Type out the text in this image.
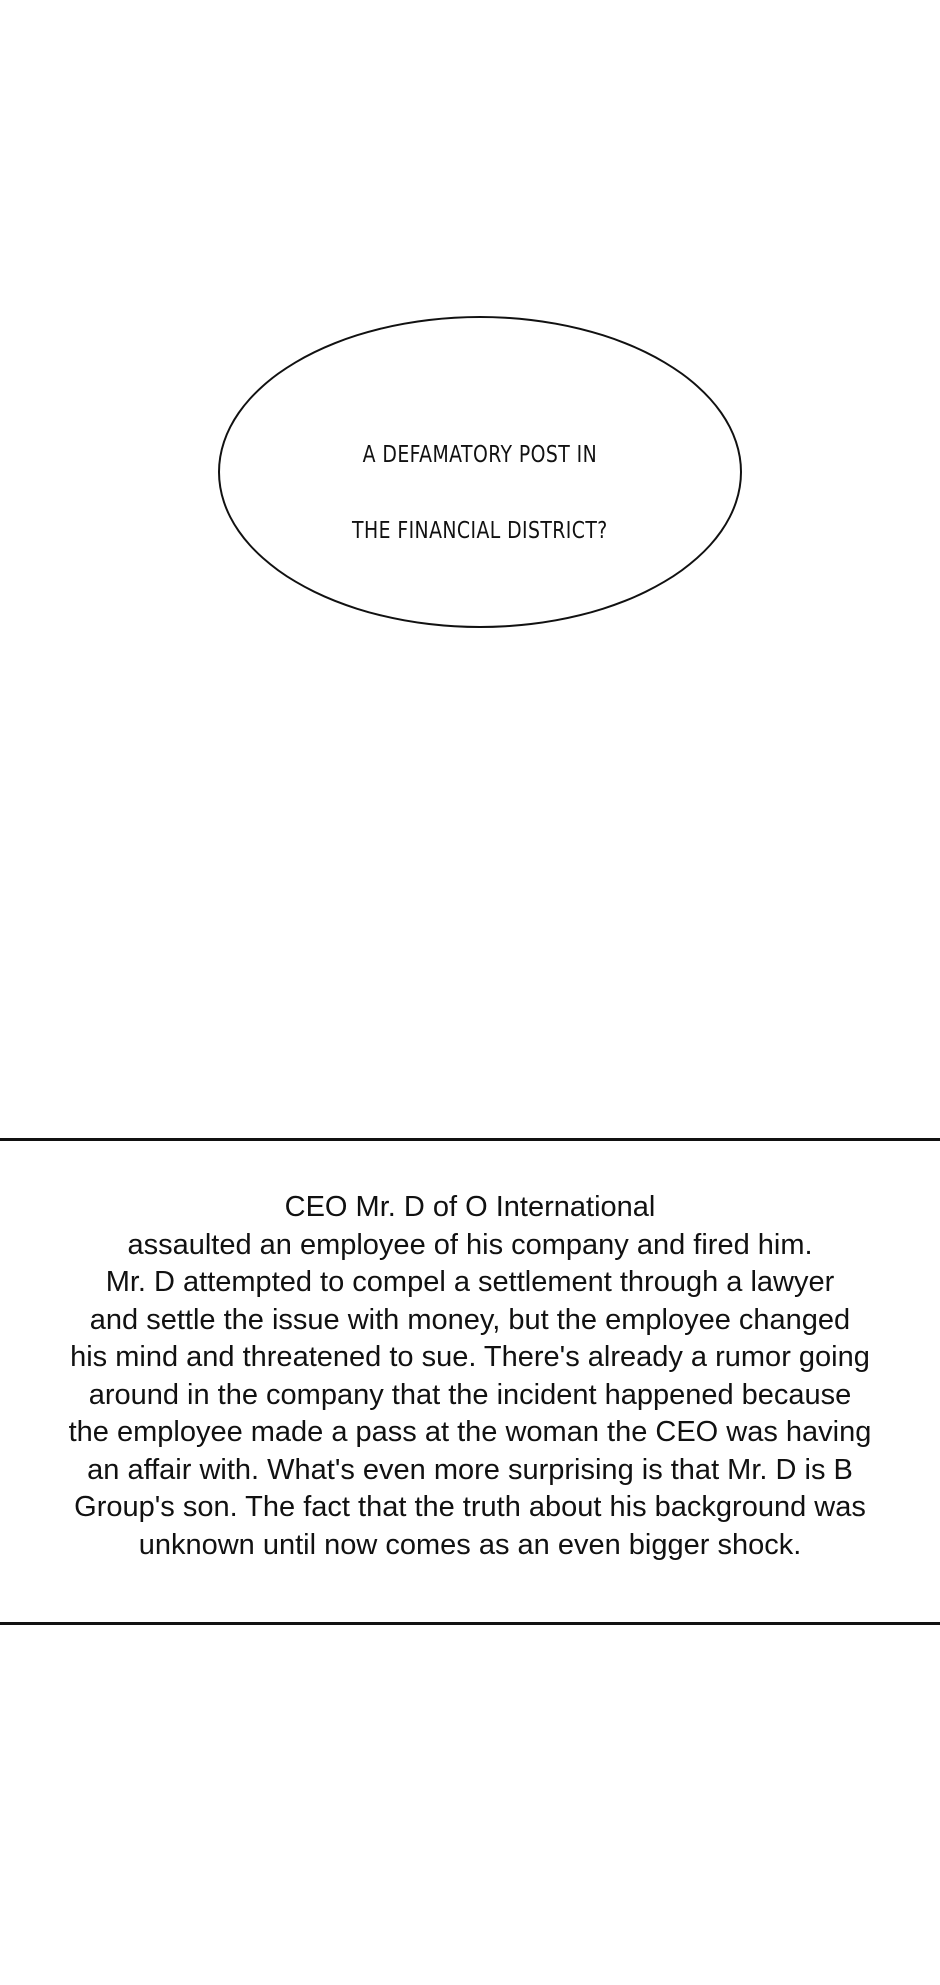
A DEFAMATORY POST IN

THE FINANCIAL DISTRICT?

CEO Mr. D of O International
assaulted an employee of his company and fired him.
Mr. D attempted to compel a settlement through a lawyer
and settle the issue with money, but the employee changed
his mind and threatened to sue. There's already a rumor going
around in the company that the incident happened because
the employee made a pass at the woman the CEO was having
an affair with. What's even more surprising is that Mr. D is B
Group's son. The fact that the truth about his background was
unknown until now comes as an even bigger shock.
